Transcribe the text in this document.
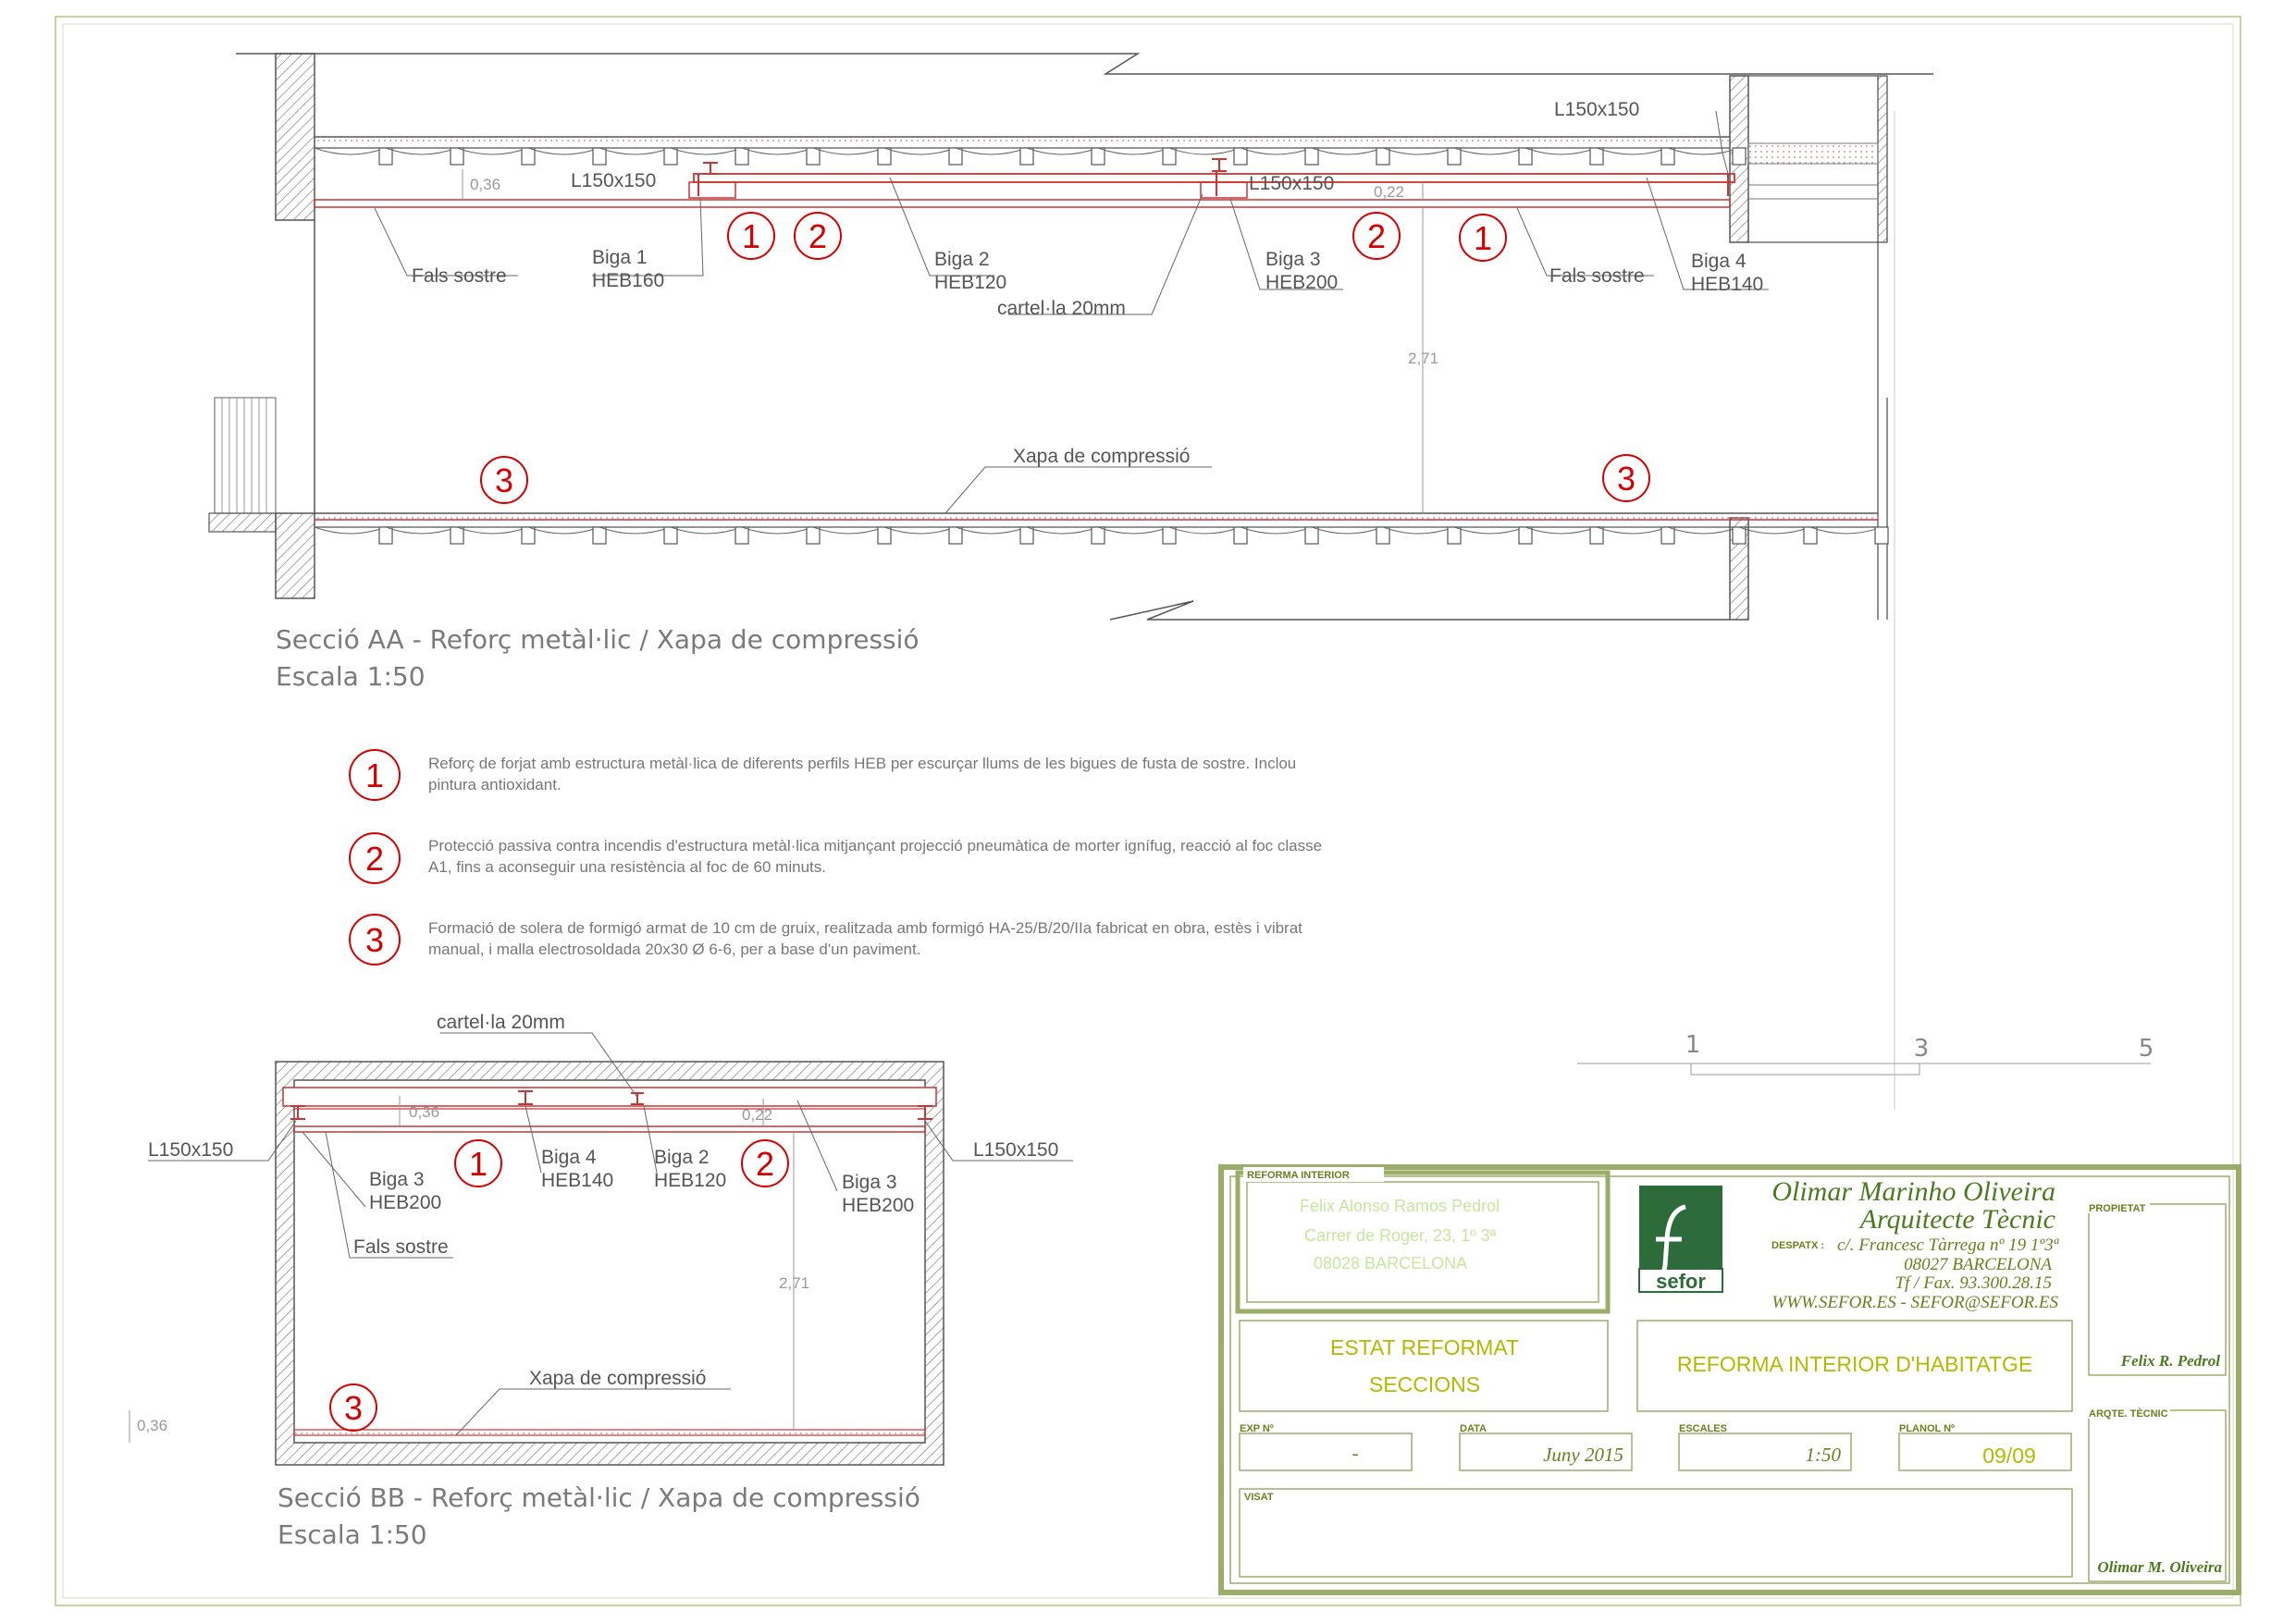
L150x150
L150x150	L150x150
Biga 1
HEB160
Biga 2
HEB120
Biga 3
HEB200
Biga 4
HEB140
Fals sostre	Fals sostre
cartel·la 20mm
Xapa de compressió
0,36	0,22
2,71
1 2	2	1
3	3
Secció AA - Reforç metàl·lic / Xapa de compressió
Escala 1:50
1	Reforç de forjat amb estructura metàl·lica de diferents perfils HEB per escurçar llums de les bigues de fusta de sostre. Inclou
pintura antioxidant.
2	Protecció passiva contra incendis d'estructura metàl·lica mitjançant projecció pneumàtica de morter ignífug, reacció al foc classe
A1, fins a aconseguir una resistència al foc de 60 minuts.
3	Formació de solera de formigó armat de 10 cm de gruix, realitzada amb formigó HA-25/B/20/IIa fabricat en obra, estès i vibrat
manual, i malla electrosoldada 20x30 Ø 6-6, per a base d'un paviment.
cartel·la 20mm
L150x150	L150x150
Biga 3
HEB200
Biga 4
HEB140
Biga 2
HEB120	Biga 3
HEB200
Fals sostre
Xapa de compressió
0,36	0,22
2,71
0,36
1	2
3
Secció BB - Reforç metàl·lic / Xapa de compressió
Escala 1:50
1	3	5
REFORMA INTERIOR
Felix Alonso Ramos Pedrol
Carrer de Roger, 23, 1º 3ª
08028 BARCELONA
sefor
Olimar Marinho Oliveira
Arquitecte Tècnic
DESPATX : c/. Francesc Tàrrega nº 19 1º3ª
08027 BARCELONA
Tf / Fax. 93.300.28.15
WWW.SEFOR.ES - SEFOR@SEFOR.ES
ESTAT REFORMAT
SECCIONS
REFORMA INTERIOR D'HABITATGE
EXP Nº
-
DATA
Juny 2015
ESCALES
1:50
PLANOL Nº
09/09
VISAT
PROPIETAT
Felix R. Pedrol
ARQTE. TÈCNIC
Olimar M. Oliveira
